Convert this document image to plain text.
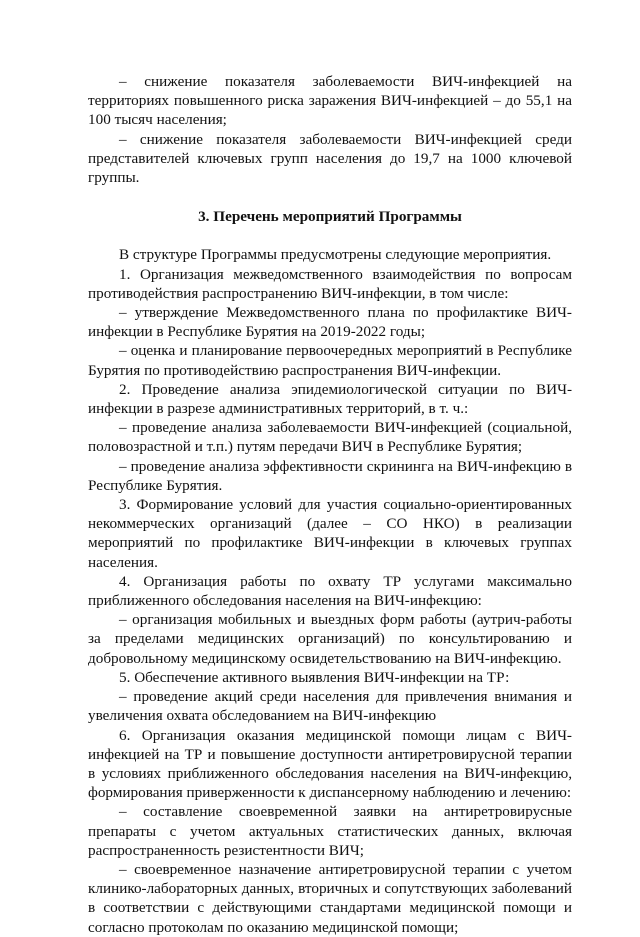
– снижение показателя заболеваемости ВИЧ-инфекцией на территориях повышенного риска заражения ВИЧ-инфекцией – до 55,1 на 100 тысяч населения;

– снижение показателя заболеваемости ВИЧ-инфекцией среди представителей ключевых групп населения до 19,7 на 1000 ключевой группы.

3. Перечень мероприятий Программы

В структуре Программы предусмотрены следующие мероприятия.

1. Организация межведомственного взаимодействия по вопросам противодействия распространению ВИЧ-инфекции, в том числе:

– утверждение Межведомственного плана по профилактике ВИЧ-инфекции в Республике Бурятия на 2019-2022 годы;

– оценка и планирование первоочередных мероприятий в Республике Бурятия по противодействию распространения ВИЧ-инфекции.

2. Проведение анализа эпидемиологической ситуации по ВИЧ-инфекции в разрезе административных территорий, в т. ч.:

– проведение анализа заболеваемости ВИЧ-инфекцией (социальной, половозрастной и т.п.) путям передачи ВИЧ в Республике Бурятия;

– проведение анализа эффективности скрининга на ВИЧ-инфекцию в Республике Бурятия.

3. Формирование условий для участия социально-ориентированных некоммерческих организаций (далее – СО НКО) в реализации мероприятий по профилактике ВИЧ-инфекции в ключевых группах населения.

4. Организация работы по охвату ТР услугами максимально приближенного обследования населения на ВИЧ-инфекцию:

– организация мобильных и выездных форм работы (аутрич-работы за пределами медицинских организаций) по консультированию и добровольному медицинскому освидетельствованию на ВИЧ-инфекцию.

5. Обеспечение активного выявления ВИЧ-инфекции на ТР:

– проведение акций среди населения для привлечения внимания и увеличения охвата обследованием на ВИЧ-инфекцию

6. Организация оказания медицинской помощи лицам с ВИЧ-инфекцией на ТР и повышение доступности антиретровирусной терапии в условиях приближенного обследования населения на ВИЧ-инфекцию, формирования приверженности к диспансерному наблюдению и лечению:

– составление своевременной заявки на антиретровирусные препараты с учетом актуальных статистических данных, включая распространенность резистентности ВИЧ;

– своевременное назначение антиретровирусной терапии с учетом клинико-лабораторных данных, вторичных и сопутствующих заболеваний в соответствии с действующими стандартами медицинской помощи и согласно протоколам по оказанию медицинской помощи;
